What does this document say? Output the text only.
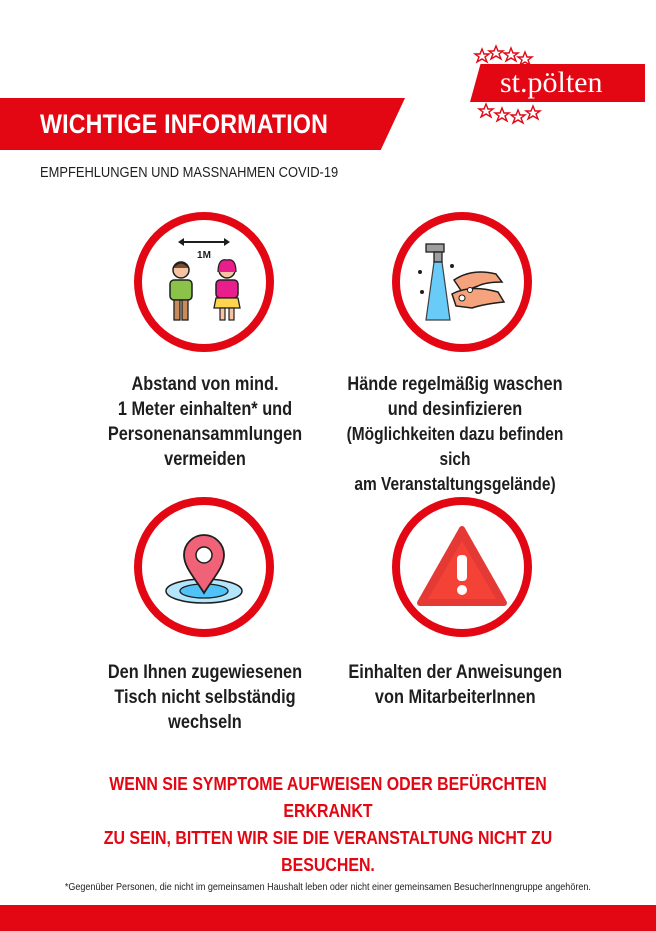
WICHTIGE INFORMATION
EMPFEHLUNGEN UND MASSNAHMEN COVID-19
st.pölten
1M
Abstand von mind.
1 Meter einhalten* und
Personenansammlungen
vermeiden
Hände regelmäßig waschen
und desinfizieren
(Möglichkeiten dazu befinden sich
am Veranstaltungsgelände)
Den Ihnen zugewiesenen
Tisch nicht selbständig
wechseln
Einhalten der Anweisungen
von MitarbeiterInnen
WENN SIE SYMPTOME AUFWEISEN ODER BEFÜRCHTEN ERKRANKT
ZU SEIN, BITTEN WIR SIE DIE VERANSTALTUNG NICHT ZU BESUCHEN.
*Gegenüber Personen, die nicht im gemeinsamen Haushalt leben oder nicht einer gemeinsamen BesucherInnengruppe angehören.
